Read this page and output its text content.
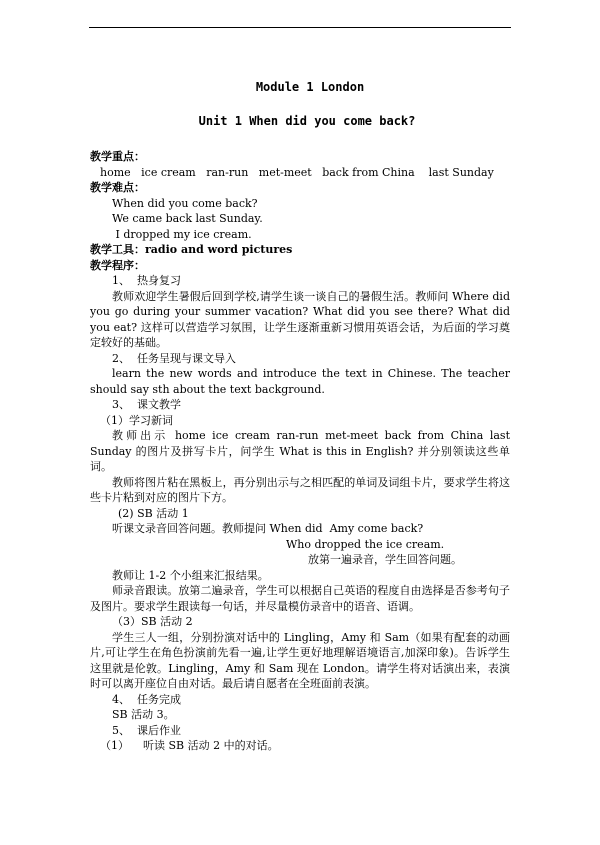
Module 1 London

Unit 1 When did you come back?

教学重点：

home   ice cream   ran-run   met-meet   back from China    last Sunday

教学难点：

When did you come back?

We came back last Sunday.

I dropped my ice cream.

教学工具：radio and word pictures

教学程序：

1、  热身复习

教师欢迎学生暑假后回到学校,请学生谈一谈自己的暑假生活。教师问 Where did you go during your summer vacation? What did you see there? What did you eat? 这样可以营造学习氛围，让学生逐渐重新习惯用英语会话，为后面的学习奠定较好的基础。

2、  任务呈现与课文导入

learn the new words and introduce the text in Chinese. The teacher should say sth about the text background.

3、  课文教学

（1）学习新词

教师出示 home ice cream ran-run met-meet back from China last Sunday 的图片及拼写卡片，问学生 What is this in English? 并分别领读这些单词。

教师将图片粘在黑板上，再分别出示与之相匹配的单词及词组卡片，要求学生将这些卡片粘到对应的图片下方。

(2) SB 活动 1

听课文录音回答问题。教师提问 When did  Amy come back?

Who dropped the ice cream.

放第一遍录音，学生回答问题。

教师让 1-2 个小组来汇报结果。

师录音跟读。放第二遍录音，学生可以根据自己英语的程度自由选择是否参考句子及图片。要求学生跟读每一句话，并尽量模仿录音中的语音、语调。

（3）SB 活动 2

学生三人一组，分别扮演对话中的 Lingling，Amy 和 Sam（如果有配套的动画片,可让学生在角色扮演前先看一遍,让学生更好地理解语境语言,加深印象)。告诉学生这里就是伦敦。Lingling，Amy 和 Sam 现在 London。请学生将对话演出来，表演时可以离开座位自由对话。最后请自愿者在全班面前表演。

4、  任务完成

SB 活动 3。

5、  课后作业

（1）    听读 SB 活动 2 中的对话。
